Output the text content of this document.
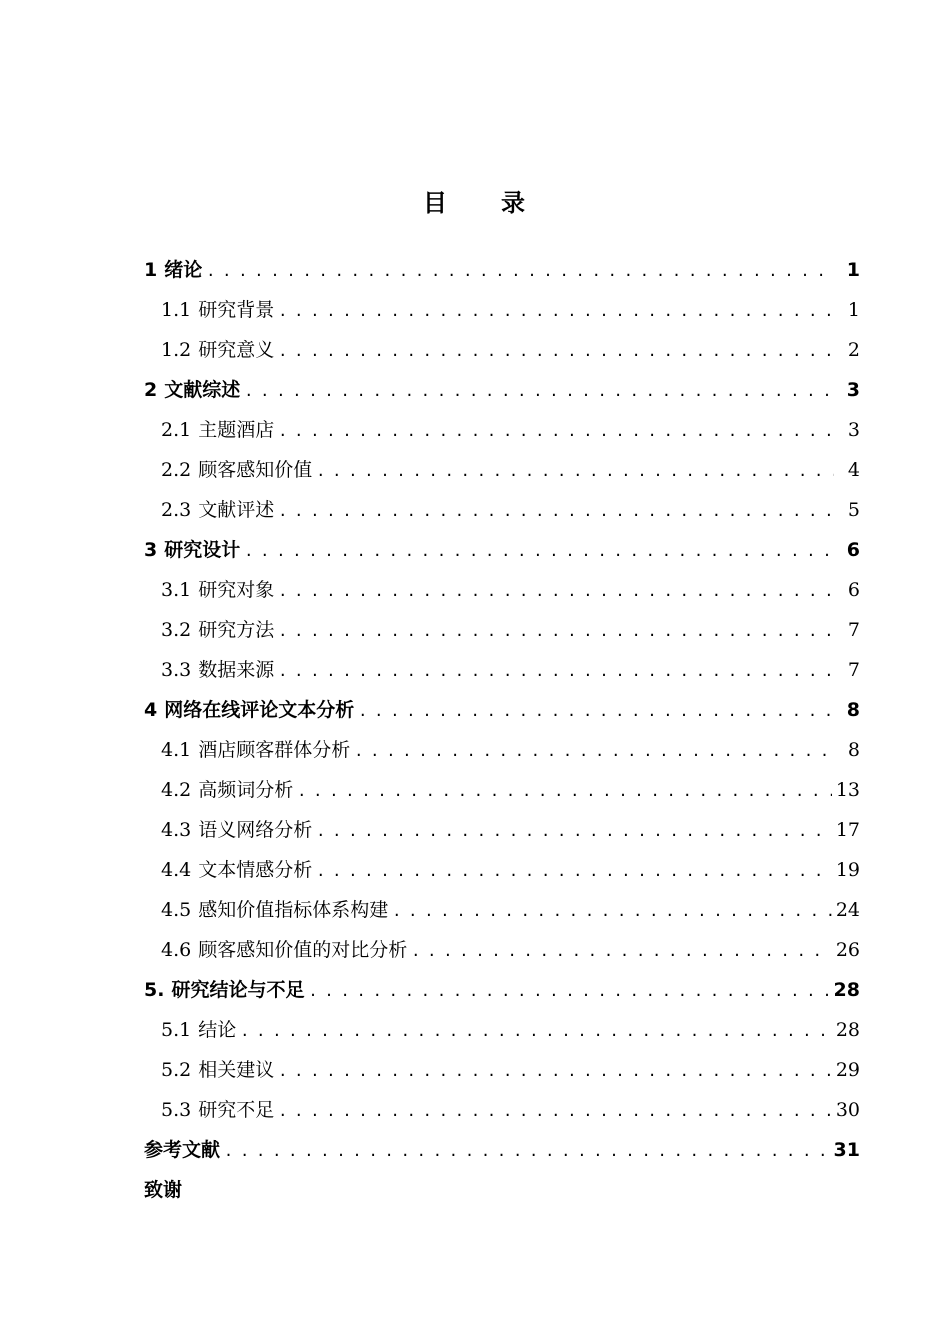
目　　录
1 绪论 . . .	1
1.1 研究背景 . . .	1
1.2 研究意义 . . .	2
2 文献综述 . . .	3
2.1 主题酒店 . . .	3
2.2 顾客感知价值 . . .	4
2.3 文献评述 . . .	5
3 研究设计 . . .	6
3.1 研究对象 . . .	6
3.2 研究方法 . . .	7
3.3 数据来源 . . .	7
4 网络在线评论文本分析 . . .	8
4.1 酒店顾客群体分析 . . .	8
4.2 高频词分析 . . .	13
4.3 语义网络分析 . . .	17
4.4 文本情感分析 . . .	19
4.5 感知价值指标体系构建 . . .	24
4.6 顾客感知价值的对比分析 . . .	26
5. 研究结论与不足 . . .	28
5.1 结论 . . .	28
5.2 相关建议 . . .	29
5.3 研究不足 . . .	30
参考文献 . . .	31
致谢
